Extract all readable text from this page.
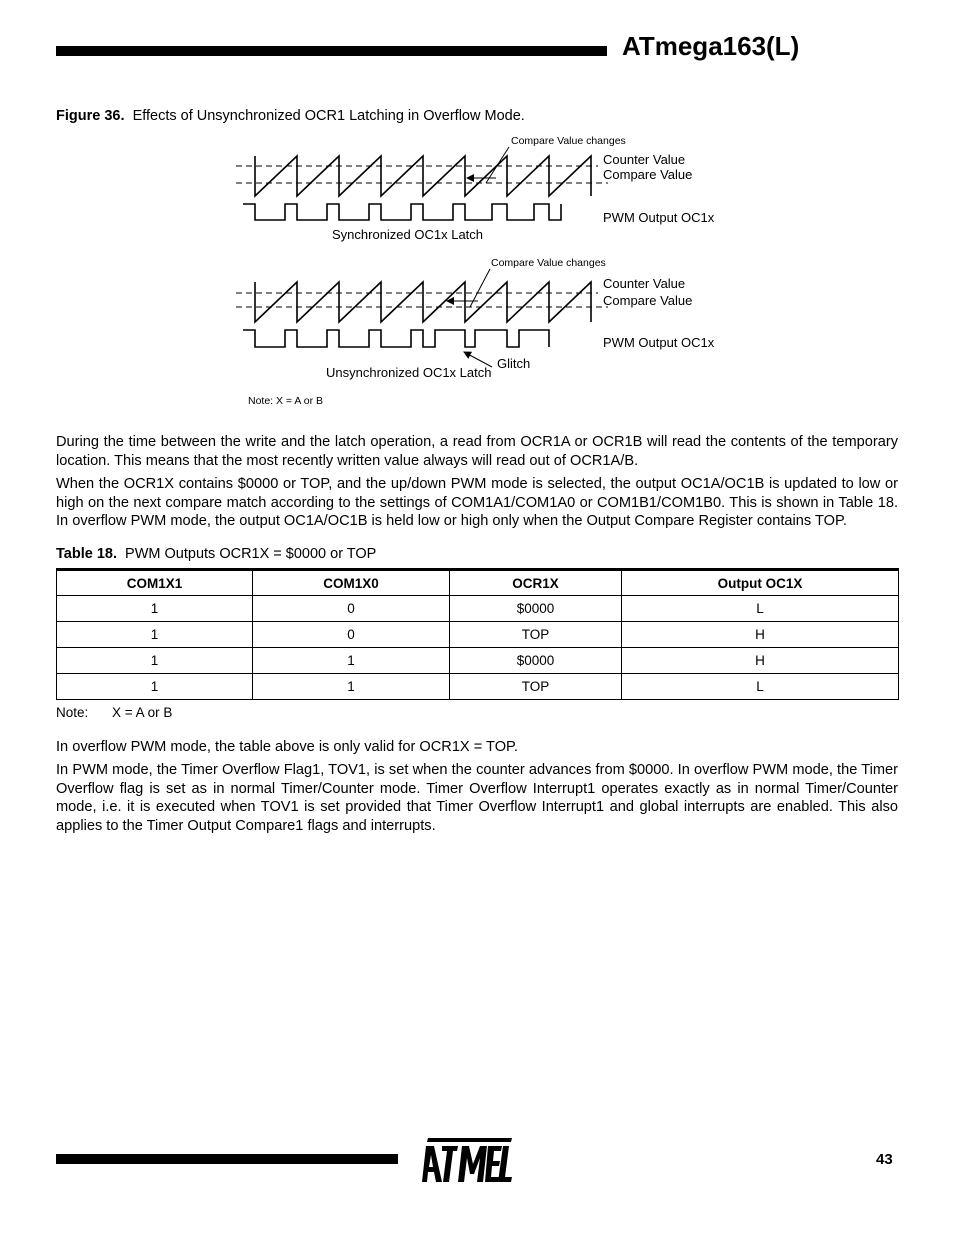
ATmega163(L)
Figure 36. Effects of Unsynchronized OCR1 Latching in Overflow Mode.
Compare Value changes
Counter Value
Compare Value
PWM Output OC1x
Synchronized OC1x Latch
Compare Value changes
Counter Value
Compare Value
PWM Output OC1x
Glitch
Unsynchronized OC1x Latch
Note: X = A or B

During the time between the write and the latch operation, a read from OCR1A or OCR1B will read the contents of the temporary location. This means that the most recently written value always will read out of OCR1A/B.

When the OCR1X contains $0000 or TOP, and the up/down PWM mode is selected, the output OC1A/OC1B is updated to low or high on the next compare match according to the settings of COM1A1/COM1A0 or COM1B1/COM1B0. This is shown in Table 18. In overflow PWM mode, the output OC1A/OC1B is held low or high only when the Output Compare Register contains TOP.

Table 18. PWM Outputs OCR1X = $0000 or TOP
COM1X1	COM1X0	OCR1X	Output OC1X
1	0	$0000	L
1	0	TOP	H
1	1	$0000	H
1	1	TOP	L
Note: X = A or B

In overflow PWM mode, the table above is only valid for OCR1X = TOP.

In PWM mode, the Timer Overflow Flag1, TOV1, is set when the counter advances from $0000. In overflow PWM mode, the Timer Overflow flag is set as in normal Timer/Counter mode. Timer Overflow Interrupt1 operates exactly as in normal Timer/Counter mode, i.e. it is executed when TOV1 is set provided that Timer Overflow Interrupt1 and global interrupts are enabled. This also applies to the Timer Output Compare1 flags and interrupts.

43
